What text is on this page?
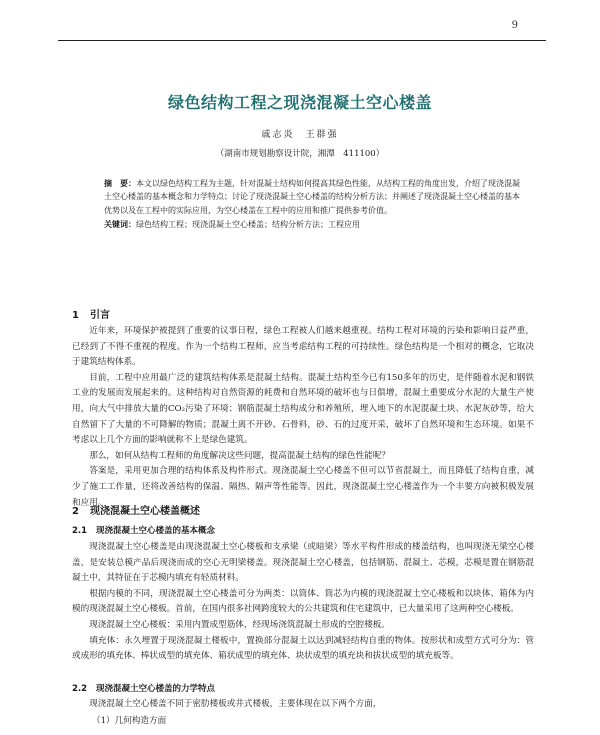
9
绿色结构工程之现浇混凝土空心楼盖
戚志炎　王群强
（湖南市规划勘察设计院，湘潭　411100）
摘　要：本文以绿色结构工程为主题，针对混凝土结构如何提高其绿色性能，从结构工程的角度出发，介绍了现浇混凝土空心楼盖的基本概念和力学特点；讨论了现浇混凝土空心楼盖的结构分析方法；并阐述了现浇混凝土空心楼盖的基本优势以及在工程中的实际应用，为空心楼盖在工程中的应用和推广提供参考价值。
关键词：绿色结构工程；现浇混凝土空心楼盖；结构分析方法；工程应用
1 引言

近年来，环境保护被提到了重要的议事日程，绿色工程被人们越来越重视。结构工程对环境的污染和影响日益严重，已经到了不得不重视的程度。作为一个结构工程师，应当考虑结构工程的可持续性。绿色结构是一个相对的概念，它取决于建筑结构体系。

目前，工程中应用最广泛的建筑结构体系是混凝土结构。混凝土结构至今已有150多年的历史，是伴随着水泥和钢铁工业的发展而发展起来的。这种结构对自然资源的耗费和自然环境的破坏也与日俱增，混凝土重要成分水泥的大量生产使用，向大气中排放大量的CO₂污染了环境；钢筋混凝土结构成分和养殖所，埋入地下的水泥混凝土块、水泥灰砂等，给大自然留下了大量的不可降解的物质；混凝土离不开砂、石骨料，砂、石的过度开采，破坏了自然环境和生态环境。如果不考虑以上几个方面的影响就称不上是绿色建筑。

那么，如何从结构工程师的角度解决这些问题，提高混凝土结构的绿色性能呢？

答案是，采用更加合理的结构体系及构件形式。现浇混凝土空心楼盖不但可以节省混凝土，而且降低了结构自重，减少了施工工作量，还将改善结构的保温、隔热、隔声等性能等。因此，现浇混凝土空心楼盖作为一个丰要方向被积极发展和应用。

2 现浇混凝土空心楼盖概述
2.1 现浇混凝土空心楼盖的基本概念

现浇混凝土空心楼盖是由现浇混凝土空心楼板和支承梁（或暗梁）等水平构件形成的楼盖结构，也叫现浇无梁空心楼盖，是安装总模产品后现浇而成的空心无明梁楼盖。现浇混凝土空心楼盖，包括钢筋、混凝土、芯模，芯模是置在钢筋混凝土中，其特征在于芯模内填充有轻质材料。

根据内模的不同，现浇混凝土空心楼盖可分为两类：以筒体、筒芯为内模的现浇混凝土空心楼板和以块体、箱体为内模的现浇混凝土空心楼板。首前，在国内很多社网跨度较大的公共建筑和住宅建筑中，已大量采用了这两种空心楼板。

现浇混凝土空心楼板：采用内置成型筋体，经现场浇筑混凝土形成的空腔楼板。

填充体：永久埋置于现浇混凝土楼板中，置换部分混凝土以达到减轻结构自重的物体。按形状和成型方式可分为：管或成形的填充体、棒状成型的填充体、箱状成型的填充体、块状成型的填充块和拔状成型的填充板等。

2.2 现浇混凝土空心楼盖的力学特点

现浇混凝土空心楼盖不同于密肋楼板或井式楼板，主要体现在以下两个方面，

（1）几何构造方面
